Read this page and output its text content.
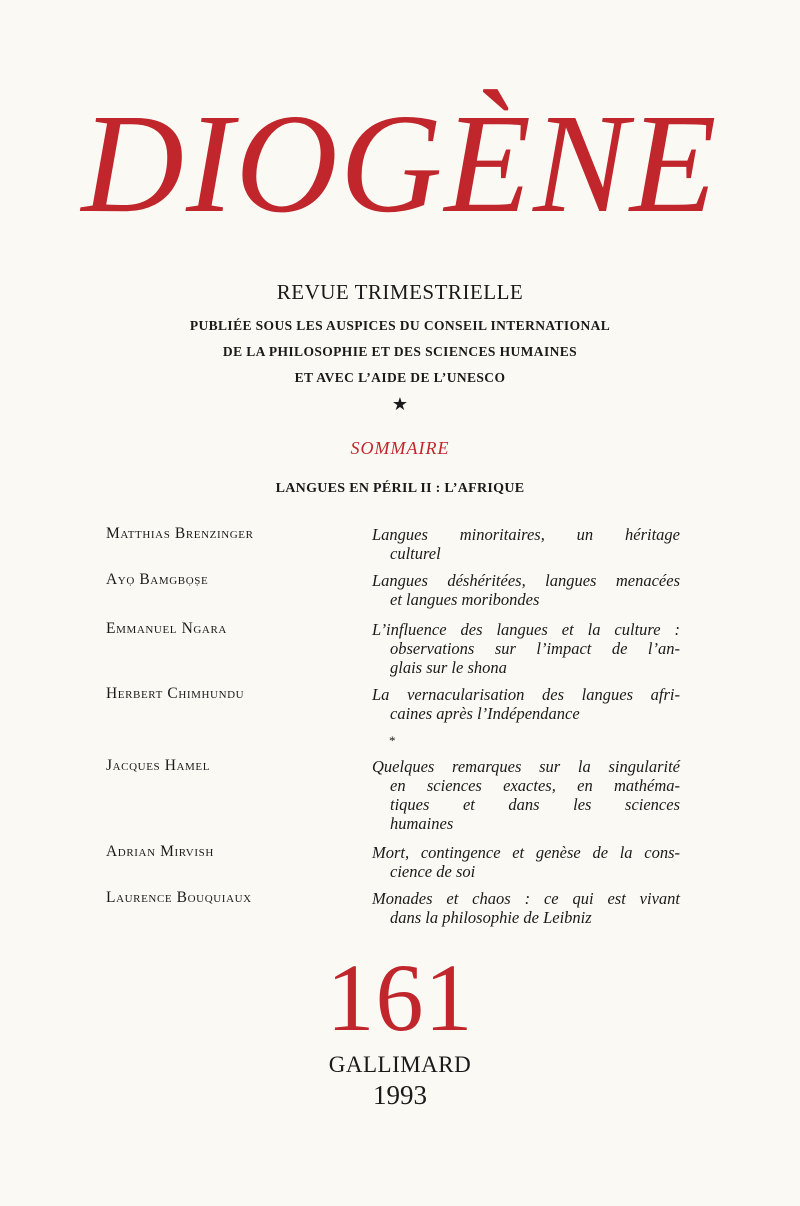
DIOGÈNE
REVUE TRIMESTRIELLE
PUBLIÉE SOUS LES AUSPICES DU CONSEIL INTERNATIONAL
DE LA PHILOSOPHIE ET DES SCIENCES HUMAINES
ET AVEC L’AIDE DE L’UNESCO
★
SOMMAIRE
LANGUES EN PÉRIL II : L’AFRIQUE
Matthias Brenzinger	Langues minoritaires, un héritage
culturel
Ayọ Bamgbọṣe	Langues déshéritées, langues menacées
et langues moribondes
Emmanuel Ngara	L’influence des langues et la culture :
observations sur l’impact de l’an-
glais sur le shona
Herbert Chimhundu	La vernacularisation des langues afri-
caines après l’Indépendance
*
Jacques Hamel	Quelques remarques sur la singularité
en sciences exactes, en mathéma-
tiques et dans les sciences
humaines
Adrian Mirvish	Mort, contingence et genèse de la cons-
cience de soi
Laurence Bouquiaux	Monades et chaos : ce qui est vivant
dans la philosophie de Leibniz
161
GALLIMARD
1993
